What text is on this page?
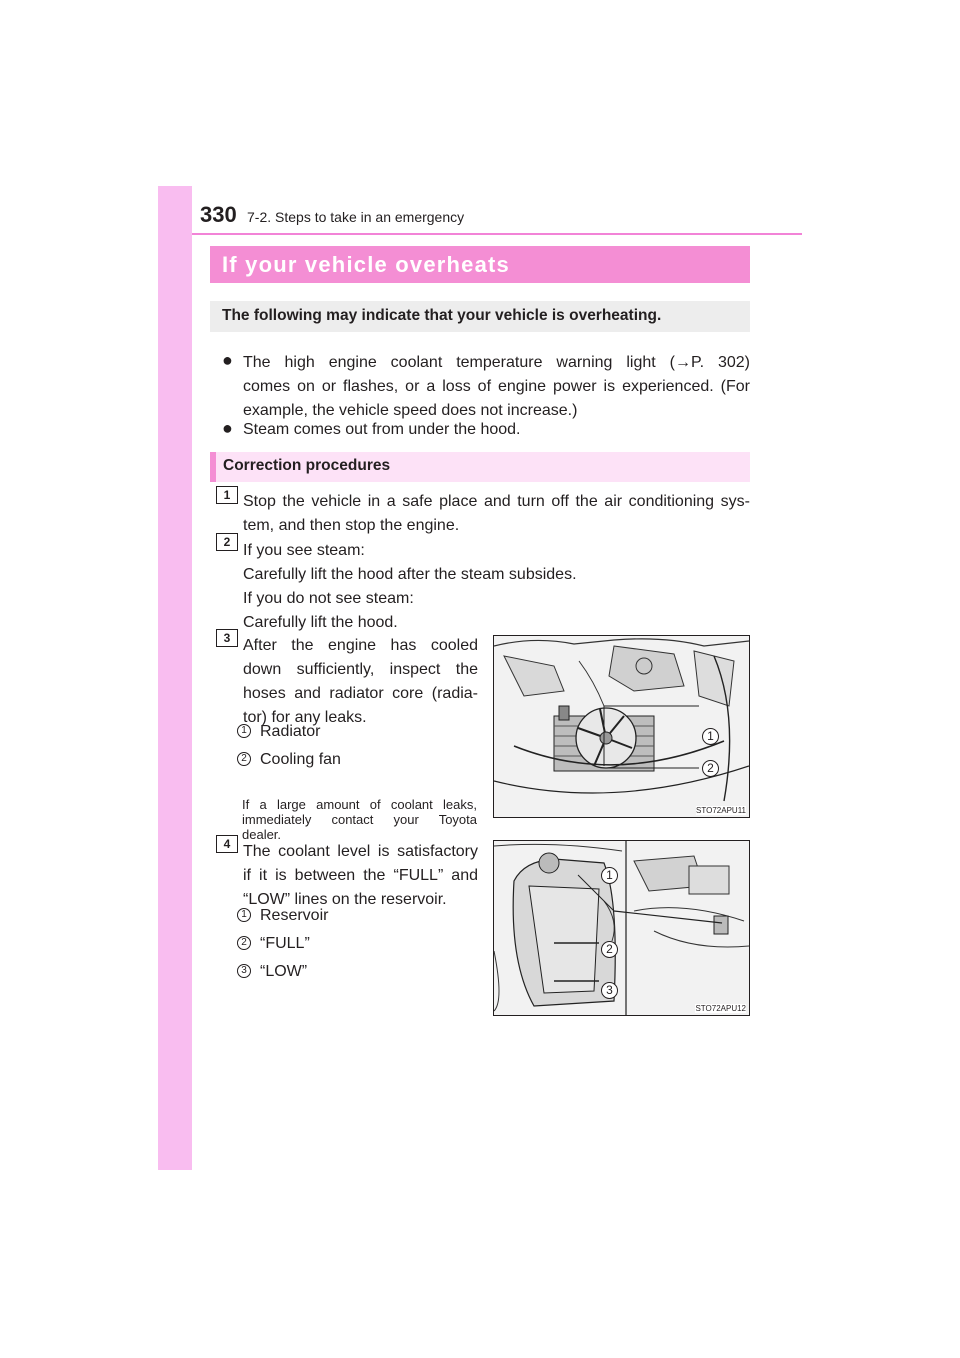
330 7-2. Steps to take in an emergency
If your vehicle overheats
The following may indicate that your vehicle is overheating.
● The high engine coolant temperature warning light (→P. 302)
comes on or flashes, or a loss of engine power is experienced. (For
example, the vehicle speed does not increase.)
● Steam comes out from under the hood.
Correction procedures
1 Stop the vehicle in a safe place and turn off the air conditioning sys-
tem, and then stop the engine.
2 If you see steam:
Carefully lift the hood after the steam subsides.
If you do not see steam:
Carefully lift the hood.
3 After the engine has cooled
down sufficiently, inspect the
hoses and radiator core (radia-
tor) for any leaks.
1 Radiator
2 Cooling fan
If a large amount of coolant leaks,
immediately contact your Toyota
dealer.
1
2
STO72APU11
4 The coolant level is satisfactory
if it is between the “FULL” and
“LOW” lines on the reservoir.
1 Reservoir
2 “FULL”
3 “LOW”
1
2
3
STO72APU12
